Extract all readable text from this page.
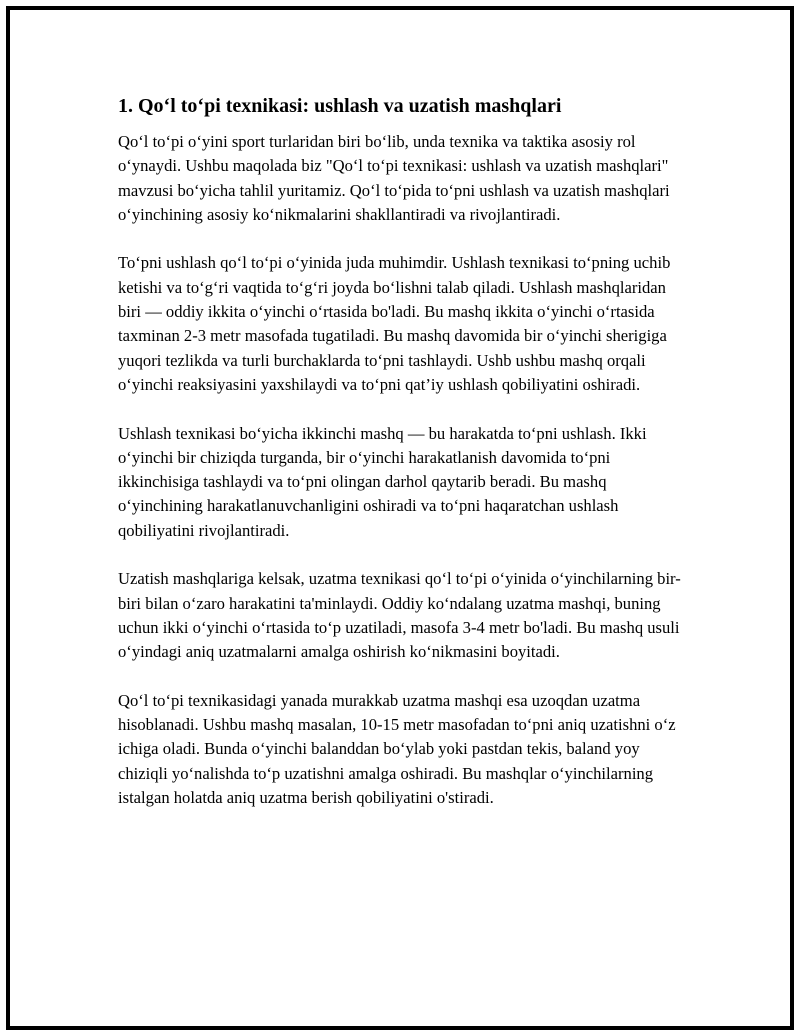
1. Qo‘l to‘pi texnikasi: ushlash va uzatish mashqlari

Qo‘l to‘pi o‘yini sport turlaridan biri bo‘lib, unda texnika va taktika asosiy rol o‘ynaydi. Ushbu maqolada biz "Qo‘l to‘pi texnikasi: ushlash va uzatish mashqlari" mavzusi bo‘yicha tahlil yuritamiz. Qo‘l to‘pida to‘pni ushlash va uzatish mashqlari o‘yinchining asosiy ko‘nikmalarini shakllantiradi va rivojlantiradi.

To‘pni ushlash qo‘l to‘pi o‘yinida juda muhimdir. Ushlash texnikasi to‘pning uchib ketishi va to‘g‘ri vaqtida to‘g‘ri joyda bo‘lishni talab qiladi. Ushlash mashqlaridan biri — oddiy ikkita o‘yinchi o‘rtasida bo'ladi. Bu mashq ikkita o‘yinchi o‘rtasida taxminan 2-3 metr masofada tugatiladi. Bu mashq davomida bir o‘yinchi sherigiga yuqori tezlikda va turli burchaklarda to‘pni tashlaydi. Ushb ushbu mashq orqali o‘yinchi reaksiyasini yaxshilaydi va to‘pni qat’iy ushlash qobiliyatini oshiradi.

Ushlash texnikasi bo‘yicha ikkinchi mashq — bu harakatda to‘pni ushlash. Ikki o‘yinchi bir chiziqda turganda, bir o‘yinchi harakatlanish davomida to‘pni ikkinchisiga tashlaydi va to‘pni olingan darhol qaytarib beradi. Bu mashq o‘yinchining harakatlanuvchanligini oshiradi va to‘pni haqaratchan ushlash qobiliyatini rivojlantiradi.

Uzatish mashqlariga kelsak, uzatma texnikasi qo‘l to‘pi o‘yinida o‘yinchilarning bir-biri bilan o‘zaro harakatini ta'minlaydi. Oddiy ko‘ndalang uzatma mashqi, buning uchun ikki o‘yinchi o‘rtasida to‘p uzatiladi, masofa 3-4 metr bo'ladi. Bu mashq usuli o‘yindagi aniq uzatmalarni amalga oshirish ko‘nikmasini boyitadi.

Qo‘l to‘pi texnikasidagi yanada murakkab uzatma mashqi esa uzoqdan uzatma hisoblanadi. Ushbu mashq masalan, 10-15 metr masofadan to‘pni aniq uzatishni o‘z ichiga oladi. Bunda o‘yinchi balanddan bo‘ylab yoki pastdan tekis, baland yoy chiziqli yo‘nalishda to‘p uzatishni amalga oshiradi. Bu mashqlar o‘yinchilarning istalgan holatda aniq uzatma berish qobiliyatini o'stiradi.
